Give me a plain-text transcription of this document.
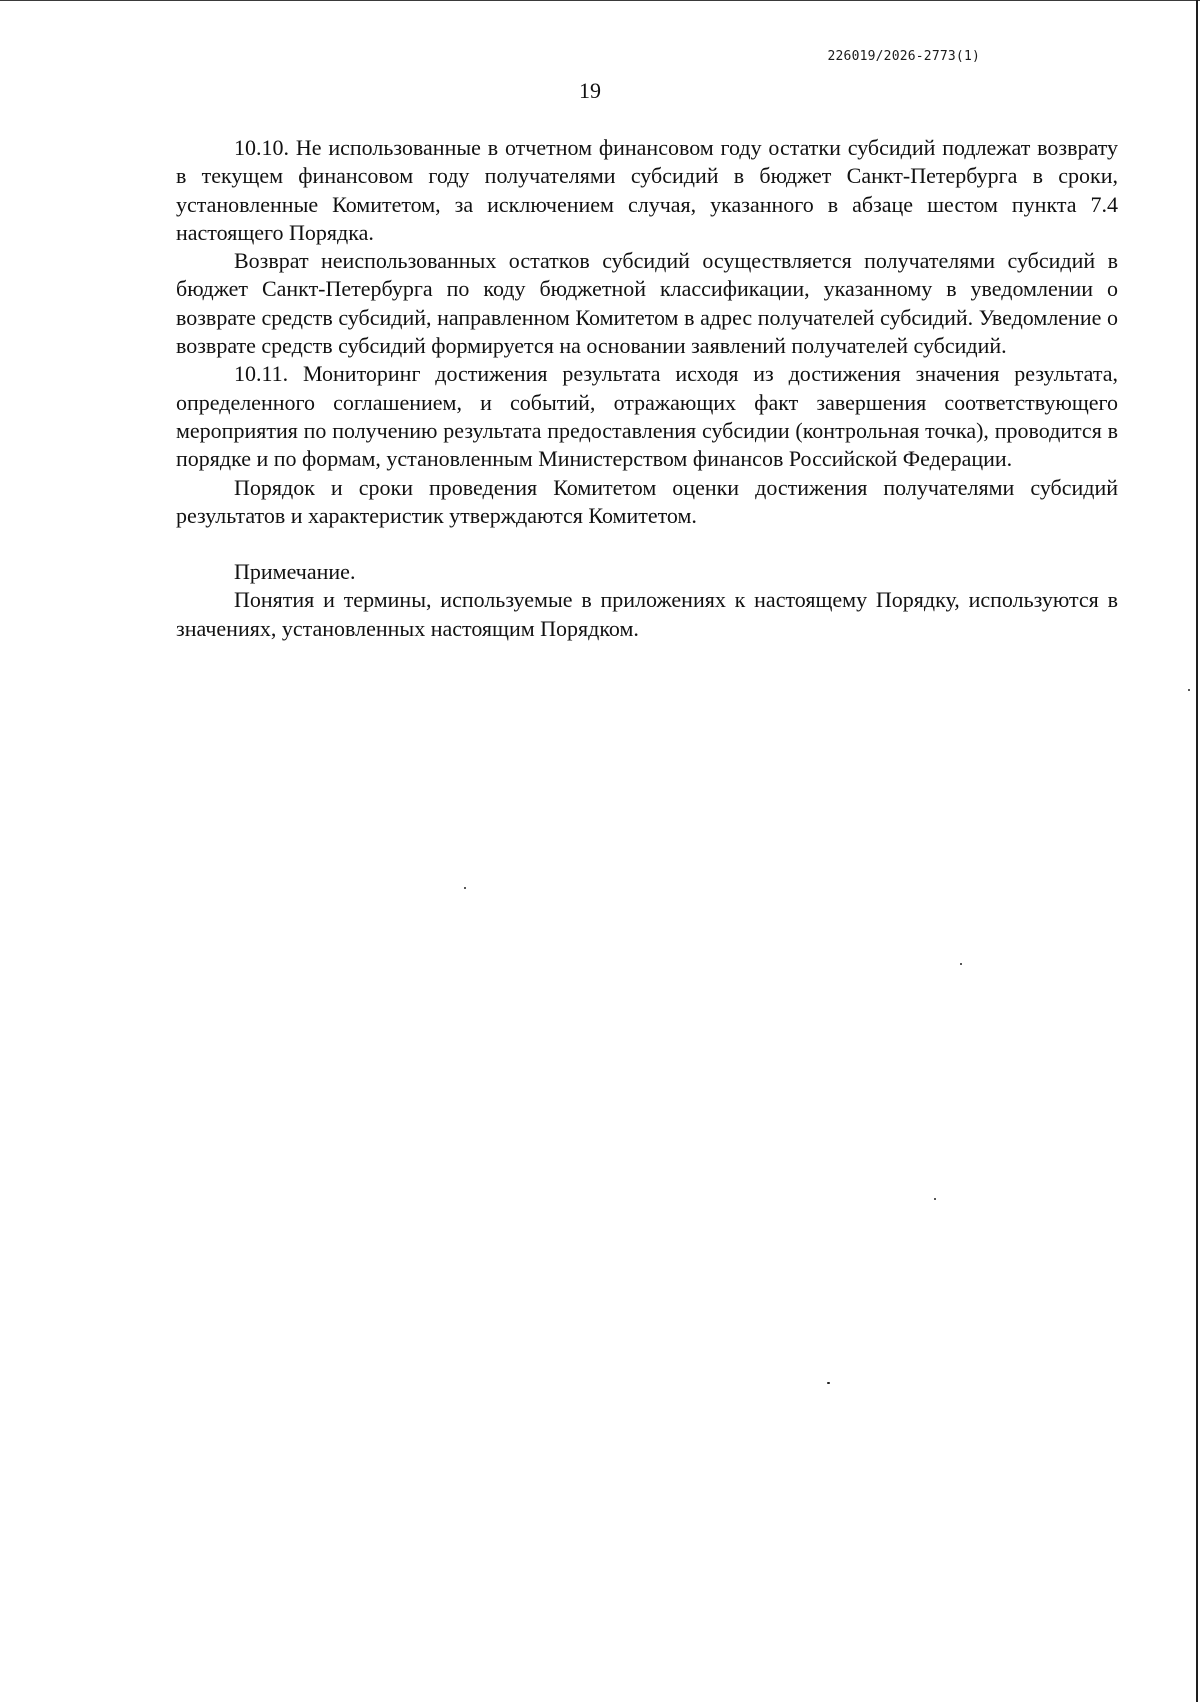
226019/2026-2773(1)
19

10.10. Не использованные в отчетном финансовом году остатки субсидий подлежат возврату в текущем финансовом году получателями субсидий в бюджет Санкт-Петербурга в сроки, установленные Комитетом, за исключением случая, указанного в абзаце шестом пункта 7.4 настоящего Порядка.

Возврат неиспользованных остатков субсидий осуществляется получателями субсидий в бюджет Санкт-Петербурга по коду бюджетной классификации, указанному в уведомлении о возврате средств субсидий, направленном Комитетом в адрес получателей субсидий. Уведомление о возврате средств субсидий формируется на основании заявлений получателей субсидий.

10.11. Мониторинг достижения результата исходя из достижения значения результата, определенного соглашением, и событий, отражающих факт завершения соответствующего мероприятия по получению результата предоставления субсидии (контрольная точка), проводится в порядке и по формам, установленным Министерством финансов Российской Федерации.

Порядок и сроки проведения Комитетом оценки достижения получателями субсидий результатов и характеристик утверждаются Комитетом.

Примечание.

Понятия и термины, используемые в приложениях к настоящему Порядку, используются в значениях, установленных настоящим Порядком.
